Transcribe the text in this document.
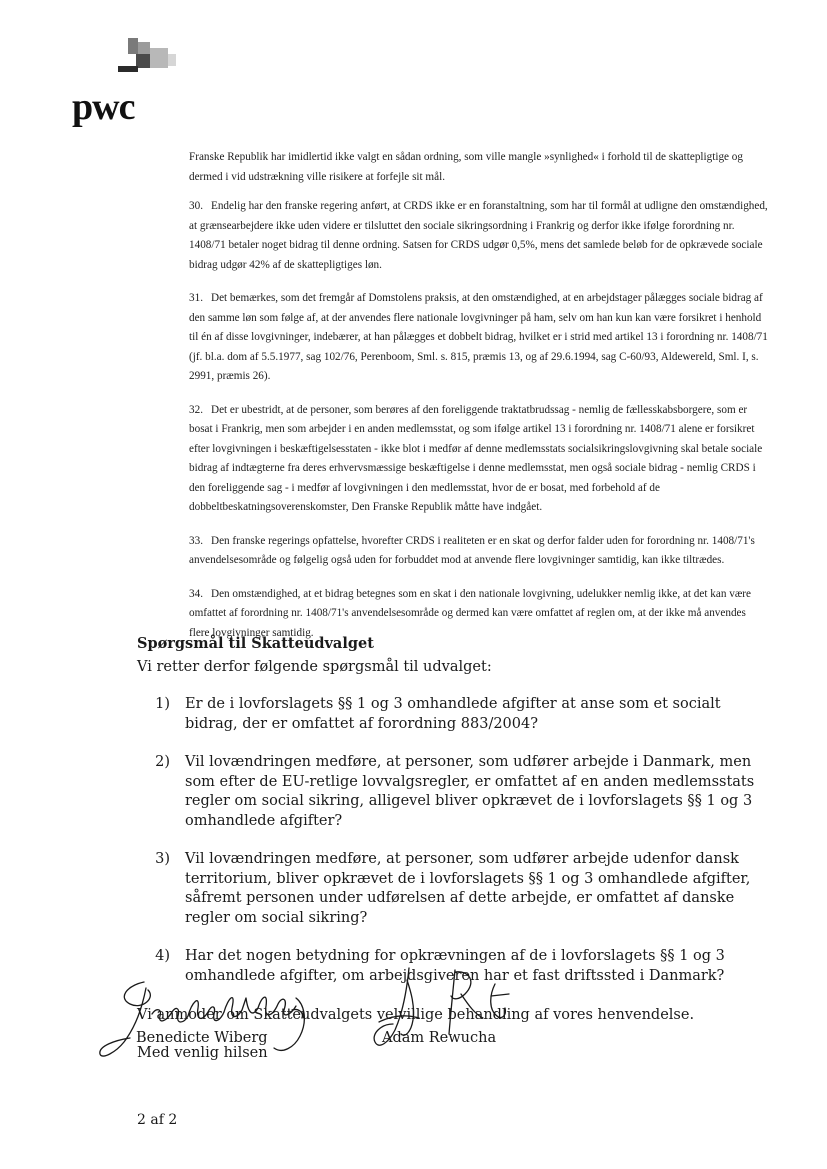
pwc

Franske Republik har imidlertid ikke valgt en sådan ordning, som ville mangle »synlighed« i forhold til de skattepligtige og dermed i vid udstrækning ville risikere at forfejle sit mål.

30. Endelig har den franske regering anført, at CRDS ikke er en foranstaltning, som har til formål at udligne den omstændighed, at grænsearbejdere ikke uden videre er tilsluttet den sociale sikringsordning i Frankrig og derfor ikke ifølge forordning nr. 1408/71 betaler noget bidrag til denne ordning. Satsen for CRDS udgør 0,5%, mens det samlede beløb for de opkrævede sociale bidrag udgør 42% af de skattepligtiges løn.

31. Det bemærkes, som det fremgår af Domstolens praksis, at den omstændighed, at en arbejdstager pålægges sociale bidrag af den samme løn som følge af, at der anvendes flere nationale lovgivninger på ham, selv om han kun kan være forsikret i henhold til én af disse lovgivninger, indebærer, at han pålægges et dobbelt bidrag, hvilket er i strid med artikel 13 i forordning nr. 1408/71 (jf. bl.a. dom af 5.5.1977, sag 102/76, Perenboom, Sml. s. 815, præmis 13, og af 29.6.1994, sag C-60/93, Aldewereld, Sml. I, s. 2991, præmis 26).

32. Det er ubestridt, at de personer, som berøres af den foreliggende traktatbrudssag - nemlig de fællesskabsborgere, som er bosat i Frankrig, men som arbejder i en anden medlemsstat, og som ifølge artikel 13 i forordning nr. 1408/71 alene er forsikret efter lovgivningen i beskæftigelsesstaten - ikke blot i medfør af denne medlemsstats socialsikringslovgivning skal betale sociale bidrag af indtægterne fra deres erhvervsmæssige beskæftigelse i denne medlemsstat, men også sociale bidrag - nemlig CRDS i den foreliggende sag - i medfør af lovgivningen i den medlemsstat, hvor de er bosat, med forbehold af de dobbeltbeskatningsoverenskomster, Den Franske Republik måtte have indgået.

33. Den franske regerings opfattelse, hvorefter CRDS i realiteten er en skat og derfor falder uden for forordning nr. 1408/71's anvendelsesområde og følgelig også uden for forbuddet mod at anvende flere lovgivninger samtidig, kan ikke tiltrædes.

34. Den omstændighed, at et bidrag betegnes som en skat i den nationale lovgivning, udelukker nemlig ikke, at det kan være omfattet af forordning nr. 1408/71's anvendelsesområde og dermed kan være omfattet af reglen om, at der ikke må anvendes flere lovgivninger samtidig.

Spørgsmål til Skatteudvalget

Vi retter derfor følgende spørgsmål til udvalget:

1)	Er de i lovforslagets §§ 1 og 3 omhandlede afgifter at anse som et socialt bidrag, der er omfattet af forordning 883/2004?
2)	Vil lovændringen medføre, at personer, som udfører arbejde i Danmark, men som efter de EU-retlige lovvalgsregler, er omfattet af en anden medlemsstats regler om social sikring, alligevel bliver opkrævet de i lovforslagets §§ 1 og 3 omhandlede afgifter?
3)	Vil lovændringen medføre, at personer, som udfører arbejde udenfor dansk territorium, bliver opkrævet de i lovforslagets §§ 1 og 3 omhandlede afgifter, såfremt personen under udførelsen af dette arbejde, er omfattet af danske regler om social sikring?
4)	Har det nogen betydning for opkrævningen af de i lovforslagets §§ 1 og 3 omhandlede afgifter, om arbejdsgiveren har et fast driftssted i Danmark?

Vi anmoder om Skatteudvalgets velvillige behandling af vores henvendelse.

Med venlig hilsen

Benedicte Wiberg	Adam Rewucha
2 af 2
